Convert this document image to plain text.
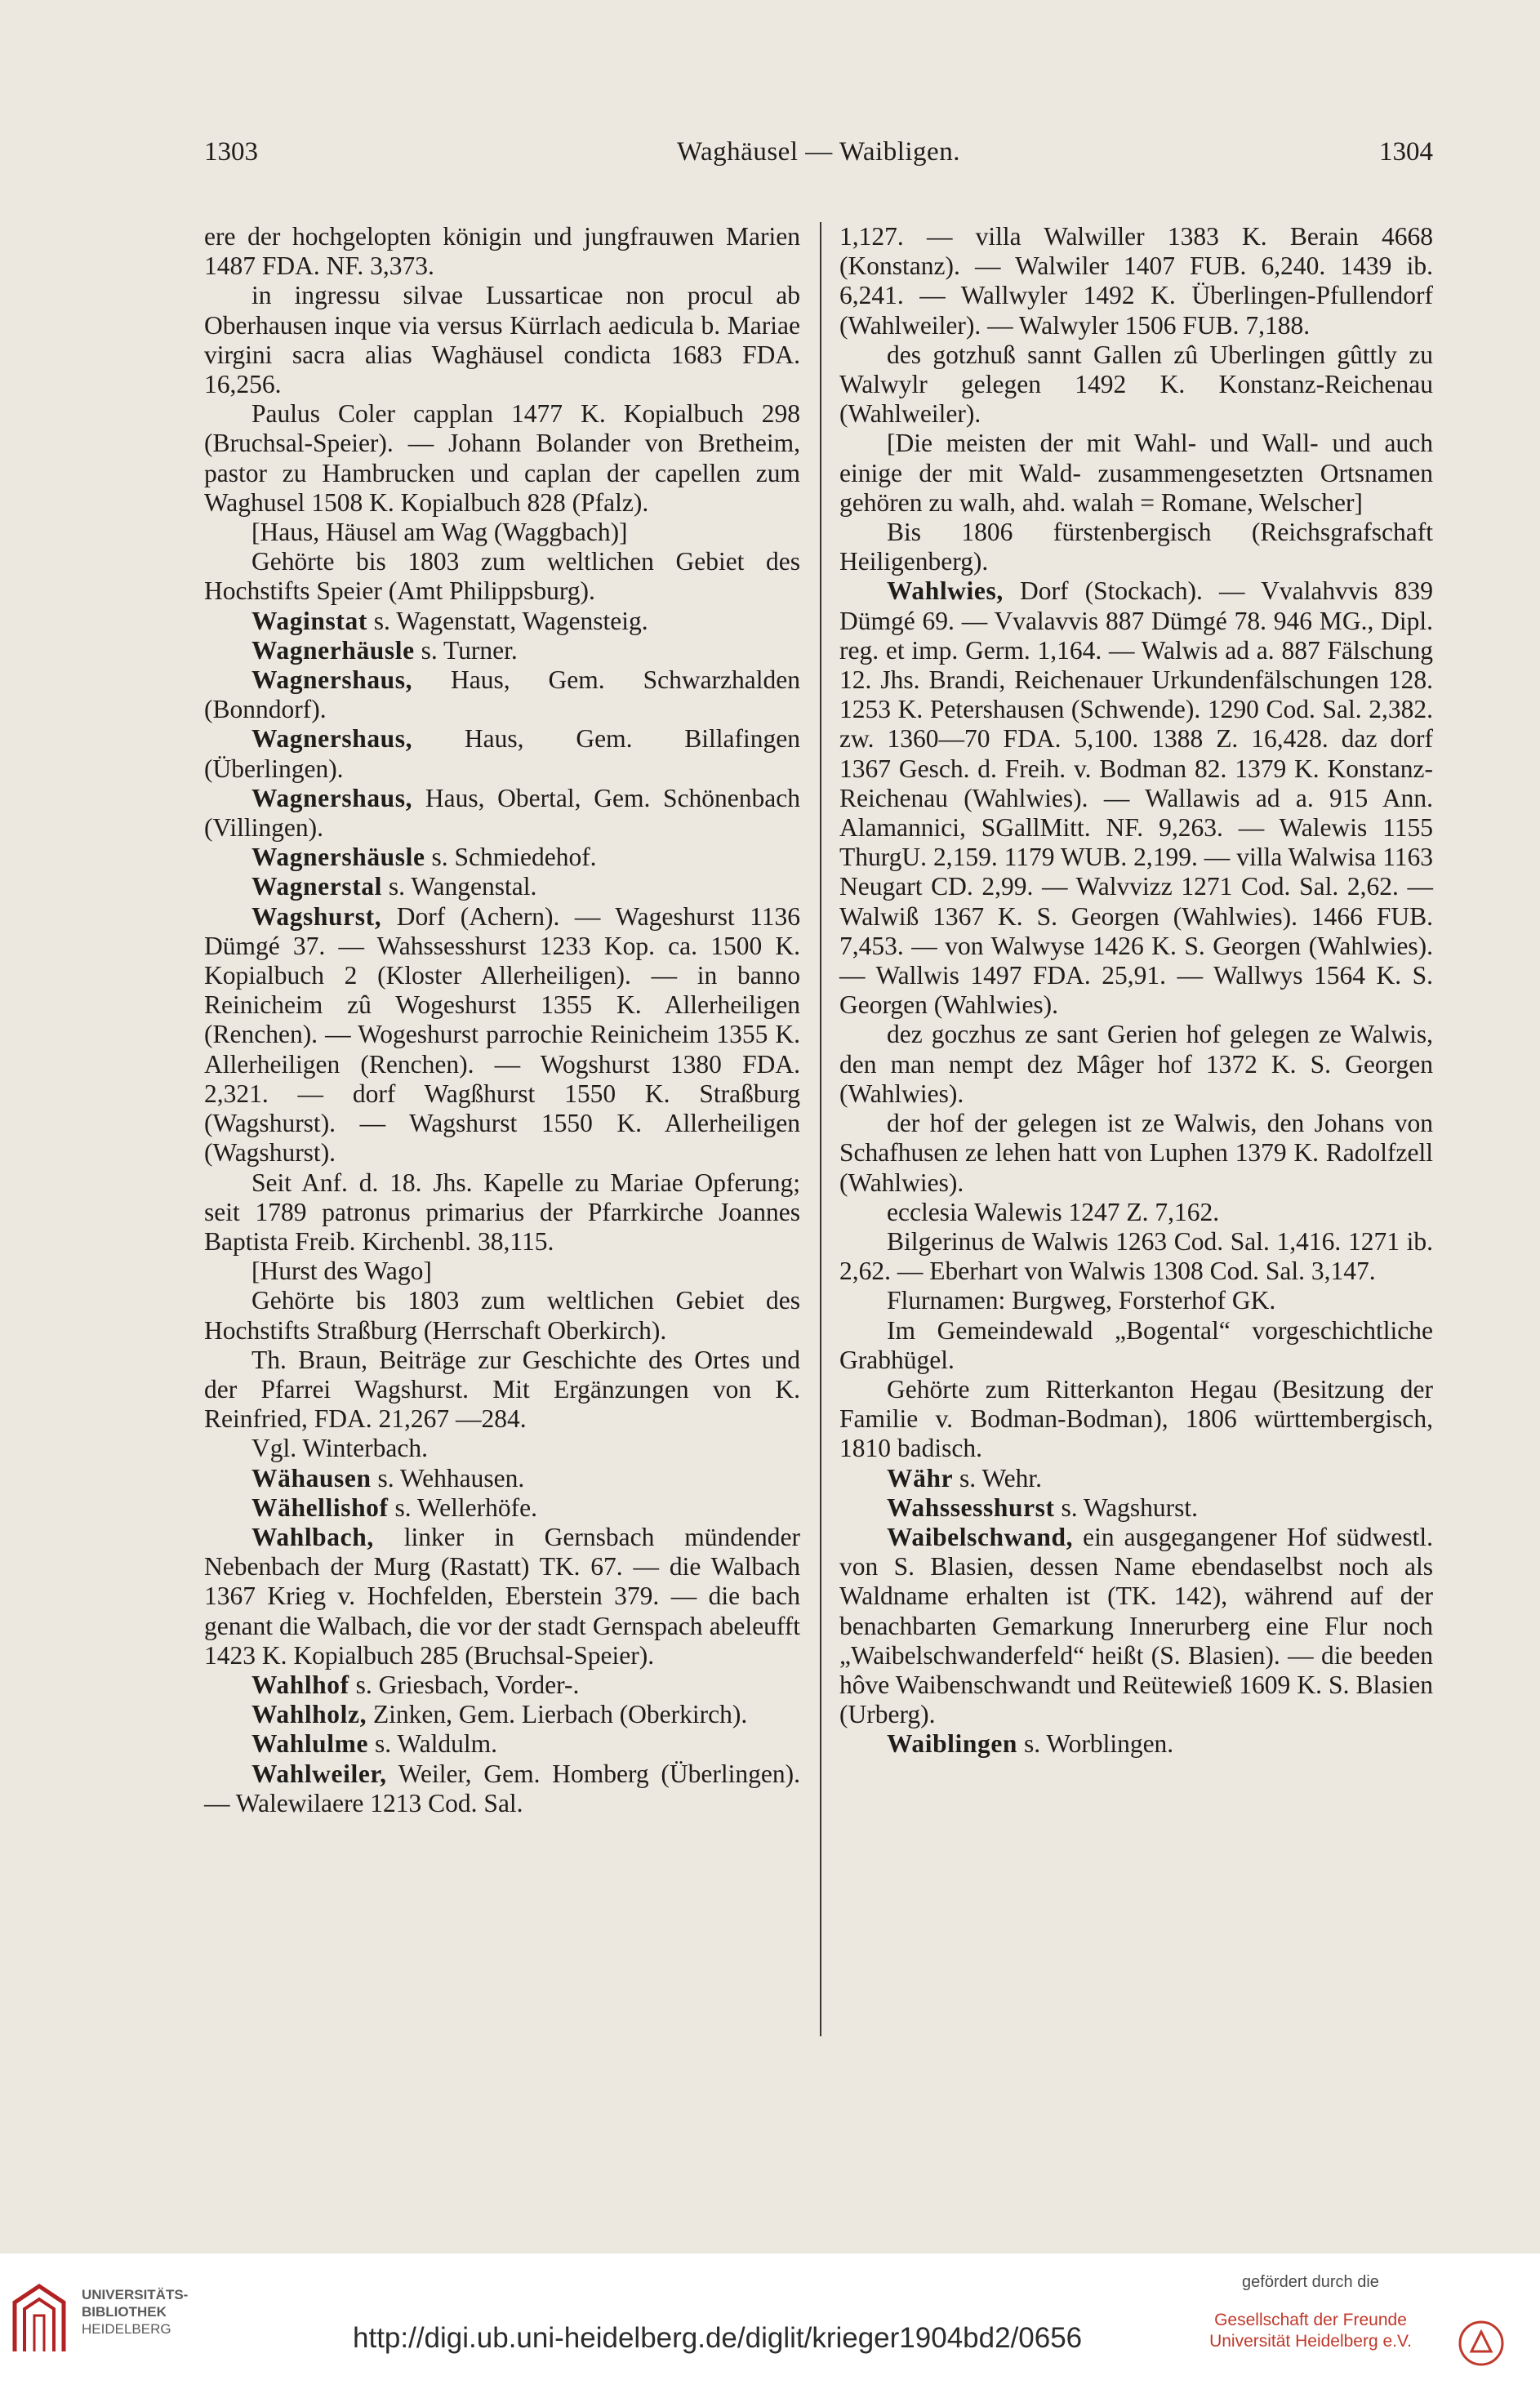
1303	Waghäusel — Waibligen.	1304

ere der hochgelopten königin und jungfrauwen Marien 1487 FDA. NF. 3,373.

in ingressu silvae Lussarticae non procul ab Oberhausen inque via versus Kürrlach aedicula b. Mariae virgini sacra alias Waghäusel condicta 1683 FDA. 16,256.

Paulus Coler capplan 1477 K. Kopialbuch 298 (Bruchsal-Speier). — Johann Bolander von Bretheim, pastor zu Hambrucken und caplan der capellen zum Waghusel 1508 K. Kopialbuch 828 (Pfalz).

[Haus, Häusel am Wag (Waggbach)]

Gehörte bis 1803 zum weltlichen Gebiet des Hochstifts Speier (Amt Philippsburg).

Waginstat s. Wagenstatt, Wagensteig.

Wagnerhäusle s. Turner.

Wagnershaus, Haus, Gem. Schwarzhalden (Bonndorf).

Wagnershaus, Haus, Gem. Billafingen (Überlingen).

Wagnershaus, Haus, Obertal, Gem. Schönenbach (Villingen).

Wagnershäusle s. Schmiedehof.

Wagnerstal s. Wangenstal.

Wagshurst, Dorf (Achern). — Wageshurst 1136 Dümgé 37. — Wahssesshurst 1233 Kop. ca. 1500 K. Kopialbuch 2 (Kloster Allerheiligen). — in banno Reinicheim zû Wogeshurst 1355 K. Allerheiligen (Renchen). — Wogeshurst parrochie Reinicheim 1355 K. Allerheiligen (Renchen). — Wogshurst 1380 FDA. 2,321. — dorf Wagßhurst 1550 K. Straßburg (Wagshurst). — Wagshurst 1550 K. Allerheiligen (Wagshurst).

Seit Anf. d. 18. Jhs. Kapelle zu Mariae Opferung; seit 1789 patronus primarius der Pfarrkirche Joannes Baptista Freib. Kirchenbl. 38,115.

[Hurst des Wago]

Gehörte bis 1803 zum weltlichen Gebiet des Hochstifts Straßburg (Herrschaft Oberkirch).

Th. Braun, Beiträge zur Geschichte des Ortes und der Pfarrei Wagshurst. Mit Ergänzungen von K. Reinfried, FDA. 21,267 —284.

Vgl. Winterbach.

Wähausen s. Wehhausen.

Wähellishof s. Wellerhöfe.

Wahlbach, linker in Gernsbach mündender Nebenbach der Murg (Rastatt) TK. 67. — die Walbach 1367 Krieg v. Hochfelden, Eberstein 379. — die bach genant die Walbach, die vor der stadt Gernspach abeleufft 1423 K. Kopialbuch 285 (Bruchsal-Speier).

Wahlhof s. Griesbach, Vorder-.

Wahlholz, Zinken, Gem. Lierbach (Oberkirch).

Wahlulme s. Waldulm.

Wahlweiler, Weiler, Gem. Homberg (Überlingen). — Walewilaere 1213 Cod. Sal.

1,127. — villa Walwiller 1383 K. Berain 4668 (Konstanz). — Walwiler 1407 FUB. 6,240. 1439 ib. 6,241. — Wallwyler 1492 K. Überlingen-Pfullendorf (Wahlweiler). — Walwyler 1506 FUB. 7,188.

des gotzhuß sannt Gallen zû Uberlingen gûttly zu Walwylr gelegen 1492 K. Konstanz-Reichenau (Wahlweiler).

[Die meisten der mit Wahl- und Wall- und auch einige der mit Wald- zusammengesetzten Ortsnamen gehören zu walh, ahd. walah = Romane, Welscher]

Bis 1806 fürstenbergisch (Reichsgrafschaft Heiligenberg).

Wahlwies, Dorf (Stockach). — Vvalahvvis 839 Dümgé 69. — Vvalavvis 887 Dümgé 78. 946 MG., Dipl. reg. et imp. Germ. 1,164. — Walwis ad a. 887 Fälschung 12. Jhs. Brandi, Reichenauer Urkundenfälschungen 128. 1253 K. Petershausen (Schwende). 1290 Cod. Sal. 2,382. zw. 1360—70 FDA. 5,100. 1388 Z. 16,428. daz dorf 1367 Gesch. d. Freih. v. Bodman 82. 1379 K. Konstanz-Reichenau (Wahlwies). — Wallawis ad a. 915 Ann. Alamannici, SGallMitt. NF. 9,263. — Walewis 1155 ThurgU. 2,159. 1179 WUB. 2,199. — villa Walwisa 1163 Neugart CD. 2,99. — Walvvizz 1271 Cod. Sal. 2,62. — Walwiß 1367 K. S. Georgen (Wahlwies). 1466 FUB. 7,453. — von Walwyse 1426 K. S. Georgen (Wahlwies). — Wallwis 1497 FDA. 25,91. — Wallwys 1564 K. S. Georgen (Wahlwies).

dez goczhus ze sant Gerien hof gelegen ze Walwis, den man nempt dez Mâger hof 1372 K. S. Georgen (Wahlwies).

der hof der gelegen ist ze Walwis, den Johans von Schafhusen ze lehen hatt von Luphen 1379 K. Radolfzell (Wahlwies).

ecclesia Walewis 1247 Z. 7,162.

Bilgerinus de Walwis 1263 Cod. Sal. 1,416. 1271 ib. 2,62. — Eberhart von Walwis 1308 Cod. Sal. 3,147.

Flurnamen: Burgweg, Forsterhof GK.

Im Gemeindewald „Bogental“ vorgeschichtliche Grabhügel.

Gehörte zum Ritterkanton Hegau (Besitzung der Familie v. Bodman-Bodman), 1806 württembergisch, 1810 badisch.

Währ s. Wehr.

Wahssesshurst s. Wagshurst.

Waibelschwand, ein ausgegangener Hof südwestl. von S. Blasien, dessen Name ebendaselbst noch als Waldname erhalten ist (TK. 142), während auf der benachbarten Gemarkung Innerurberg eine Flur noch „Waibelschwanderfeld“ heißt (S. Blasien). — die beeden hôve Waibenschwandt und Reütewieß 1609 K. S. Blasien (Urberg).

Waiblingen s. Worblingen.

UNIVERSITÄTS-
BIBLIOTHEK
HEIDELBERG	http://digi.ub.uni-heidelberg.de/diglit/krieger1904bd2/0656
gefördert durch die
Gesellschaft der Freunde
Universität Heidelberg e.V.
